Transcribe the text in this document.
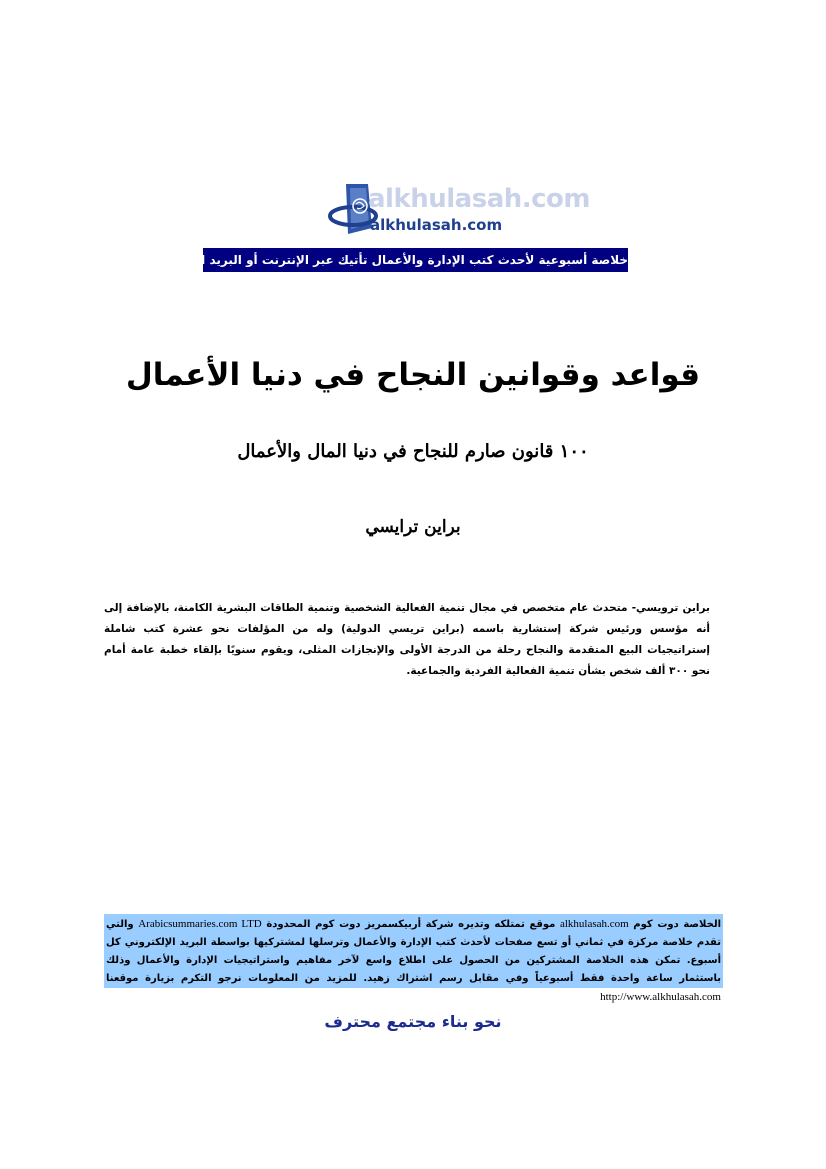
alkhulasah.com
alkhulasah.com
خلاصة أسبوعية لأحدث كتب الإدارة والأعمال تأتيك عبر الإنترنت أو البريد الإلكتروني
قواعد وقوانين النجاح في دنيا الأعمال
١٠٠ قانون صارم للنجاح في دنيا المال والأعمال
براين ترايسي
براين ترويسي- متحدث عام متخصص في مجال تنمية الفعالية الشخصية وتنمية الطاقات البشرية الكامنة، بالإضافة إلى أنه مؤسس ورئيس شركة إستشارية باسمه (براين تريسي الدولية) وله من المؤلفات نحو عشرة كتب شاملة إستراتيجيات البيع المتقدمة والنجاح رحلة من الدرجة الأولى والإنجازات المثلى، ويقوم سنويًا بإلقاء خطبة عامة أمام نحو ٣٠٠ ألف شخص بشأن تنمية الفعالية الفردية والجماعية.
الخلاصة دوت كوم alkhulasah.com موقع تمتلكه وتديره شركة أربيكسمريز دوت كوم المحدودة Arabicsummaries.com LTD والتي تقدم خلاصة مركزة في ثماني أو تسع صفحات لأحدث كتب الإدارة والأعمال وترسلها لمشتركيها بواسطة البريد الإلكتروني كل أسبوع. تمكن هذه الخلاصة المشتركين من الحصول على اطلاع واسع لآخر مفاهيم واستراتيجيات الإدارة والأعمال وذلك باستثمار ساعة واحدة فقط أسبوعياً وفي مقابل رسم اشتراك زهيد. للمزيد من المعلومات نرجو التكرم بزيارة موقعنا http://www.alkhulasah.com
نحو بناء مجتمع محترف
